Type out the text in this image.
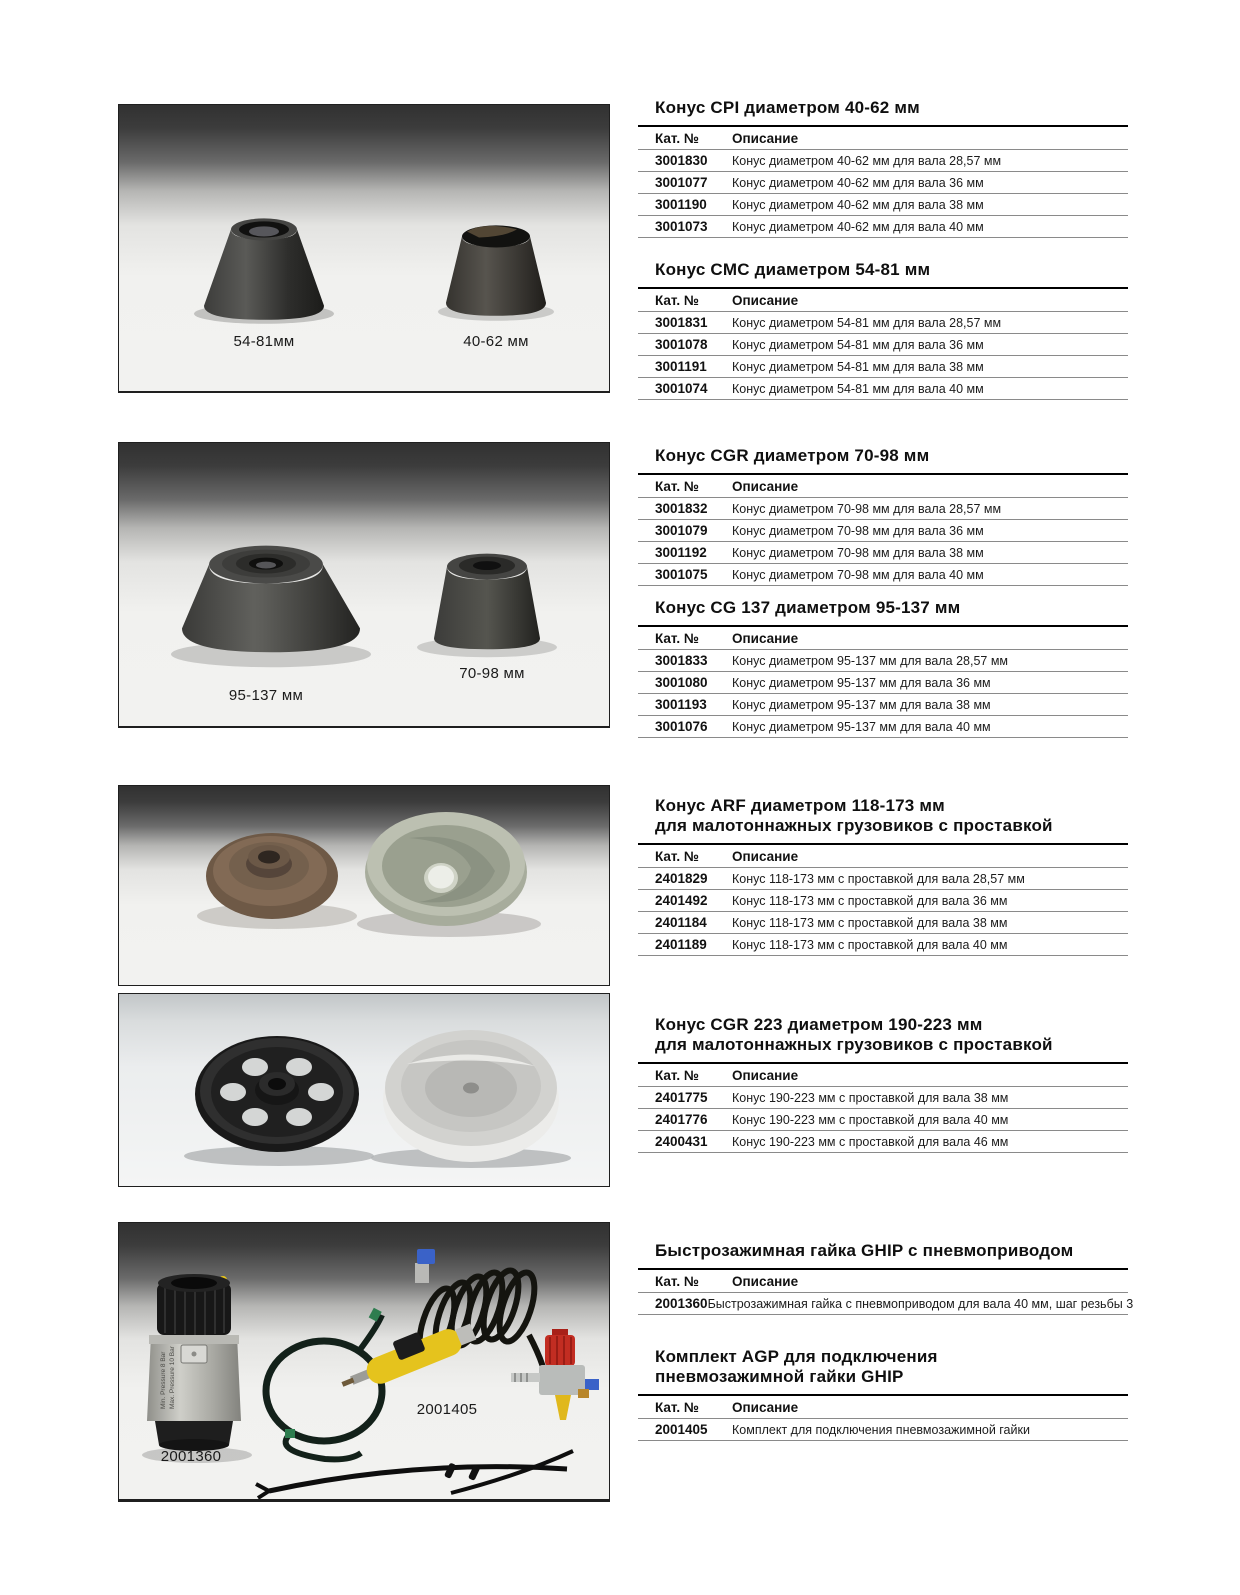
54-81мм	40-62 мм
95-137 мм
70-98 мм
Min. Pressure 8 Bar Max. Pressure 10 Bar
2001360
2001405
Конус CPI диаметром 40-62 мм
Кат. №	Описание
3001830	Конус диаметром 40-62 мм для вала 28,57 мм
3001077	Конус диаметром 40-62 мм для вала 36 мм
3001190	Конус диаметром 40-62 мм для вала 38 мм
3001073	Конус диаметром 40-62 мм для вала 40 мм
Конус CMC диаметром 54-81 мм
Кат. №	Описание
3001831	Конус диаметром 54-81 мм для вала 28,57 мм
3001078	Конус диаметром 54-81 мм для вала 36 мм
3001191	Конус диаметром 54-81 мм для вала 38 мм
3001074	Конус диаметром 54-81 мм для вала 40 мм
Конус CGR диаметром 70-98 мм
Кат. №	Описание
3001832	Конус диаметром 70-98 мм для вала 28,57 мм
3001079	Конус диаметром 70-98 мм для вала 36 мм
3001192	Конус диаметром 70-98 мм для вала 38 мм
3001075	Конус диаметром 70-98 мм для вала 40 мм
Конус CG 137 диаметром 95-137 мм
Кат. №	Описание
3001833	Конус диаметром 95-137 мм для вала 28,57 мм
3001080	Конус диаметром 95-137 мм для вала 36 мм
3001193	Конус диаметром 95-137 мм для вала 38 мм
3001076	Конус диаметром 95-137 мм для вала 40 мм
Конус ARF диаметром 118-173 мм
для малотоннажных грузовиков с проставкой
Кат. №	Описание
2401829	Конус 118-173 мм с проставкой для вала 28,57 мм
2401492	Конус 118-173 мм с проставкой для вала 36 мм
2401184	Конус 118-173 мм с проставкой для вала 38 мм
2401189	Конус 118-173 мм с проставкой для вала 40 мм
Конус CGR 223 диаметром 190-223 мм
для малотоннажных грузовиков с проставкой
Кат. №	Описание
2401775	Конус 190-223 мм с проставкой для вала 38 мм
2401776	Конус 190-223 мм с проставкой для вала 40 мм
2400431	Конус 190-223 мм с проставкой для вала 46 мм
Быстрозажимная гайка GHIP с пневмоприводом
Кат. №	Описание
2001360 Быстрозажимная гайка с пневмоприводом для вала 40 мм, шаг резьбы 3
Комплект AGP для подключения
пневмозажимной гайки GHIP
Кат. №	Описание
2001405	Комплект для подключения пневмозажимной гайки
